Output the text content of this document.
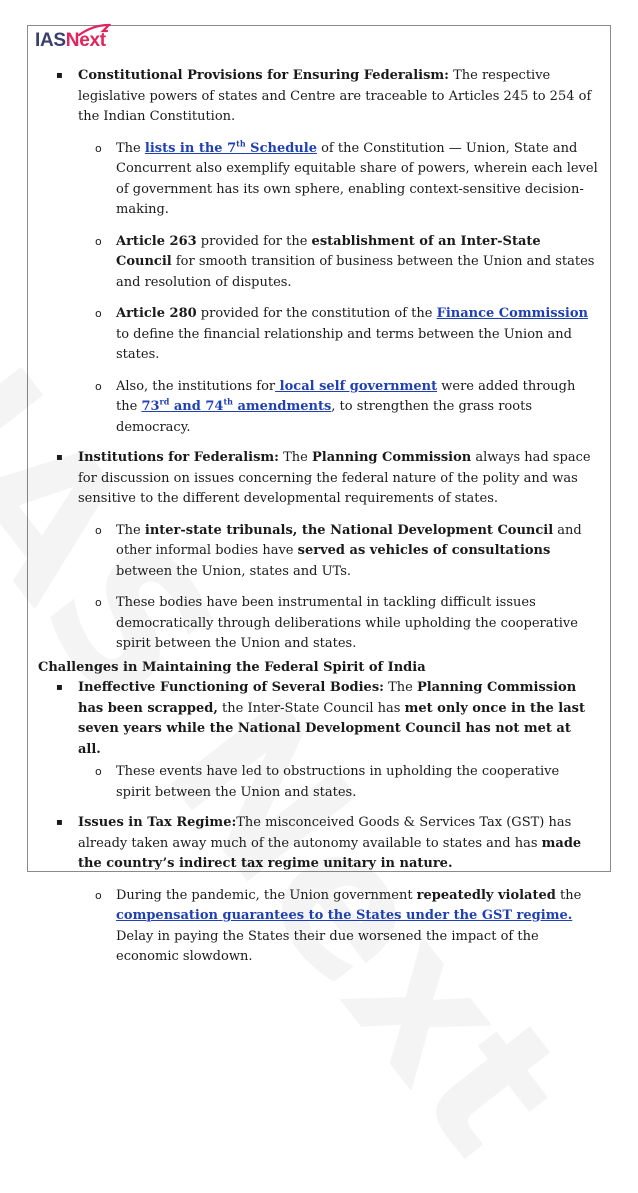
IASNext
▪ Constitutional Provisions for Ensuring Federalism: The respective legislative powers of states and Centre are traceable to Articles 245 to 254 of the Indian Constitution.
o The lists in the 7th Schedule of the Constitution — Union, State and Concurrent also exemplify equitable share of powers, wherein each level of government has its own sphere, enabling context-sensitive decision-making.
o Article 263 provided for the establishment of an Inter-State Council for smooth transition of business between the Union and states and resolution of disputes.
o Article 280 provided for the constitution of the Finance Commission to define the financial relationship and terms between the Union and states.
o Also, the institutions for local self government were added through the 73rd and 74th amendments, to strengthen the grass roots democracy.
▪ Institutions for Federalism: The Planning Commission always had space for discussion on issues concerning the federal nature of the polity and was sensitive to the different developmental requirements of states.
o The inter-state tribunals, the National Development Council and other informal bodies have served as vehicles of consultations between the Union, states and UTs.
o These bodies have been instrumental in tackling difficult issues democratically through deliberations while upholding the cooperative spirit between the Union and states.
Challenges in Maintaining the Federal Spirit of India
▪ Ineffective Functioning of Several Bodies: The Planning Commission has been scrapped, the Inter-State Council has met only once in the last seven years while the National Development Council has not met at all.
o These events have led to obstructions in upholding the cooperative spirit between the Union and states.
▪ Issues in Tax Regime:The misconceived Goods & Services Tax (GST) has already taken away much of the autonomy available to states and has made the country’s indirect tax regime unitary in nature.
o During the pandemic, the Union government repeatedly violated the compensation guarantees to the States under the GST regime. Delay in paying the States their due worsened the impact of the economic slowdown.
